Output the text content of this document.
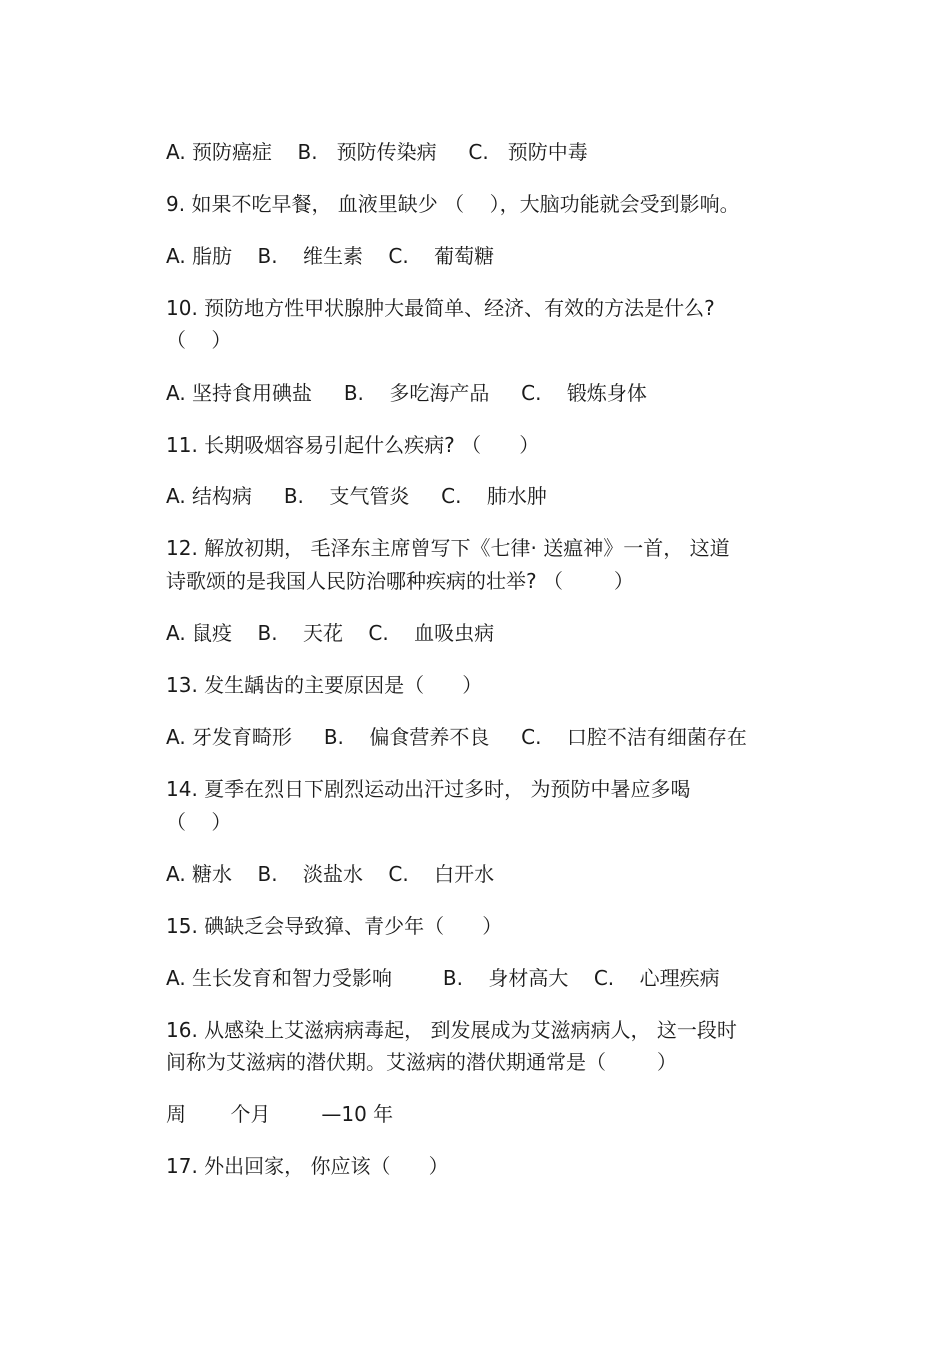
A. 预防癌症    B.   预防传染病     C.   预防中毒
9. 如果不吃早餐， 血液里缺少 （    ），大脑功能就会受到影响。
A. 脂肪    B.    维生素    C.    葡萄糖
10. 预防地方性甲状腺肿大最简单、经济、有效的方法是什么?
（    ）
A. 坚持食用碘盐     B.    多吃海产品     C.    锻炼身体
11. 长期吸烟容易引起什么疾病? （      ）
A. 结构病     B.    支气管炎     C.    肺水肿
12. 解放初期， 毛泽东主席曾写下《七律· 送瘟神》一首， 这道
诗歌颂的是我国人民防治哪种疾病的壮举? （        ）
A. 鼠疫    B.    天花    C.    血吸虫病
13. 发生龋齿的主要原因是（      ）
A. 牙发育畸形     B.    偏食营养不良     C.    口腔不洁有细菌存在
14. 夏季在烈日下剧烈运动出汗过多时， 为预防中暑应多喝
（    ）
A. 糖水    B.    淡盐水    C.    白开水
15. 碘缺乏会导致獐、青少年（      ）
A. 生长发育和智力受影响        B.    身材高大    C.    心理疾病
16. 从感染上艾滋病病毒起， 到发展成为艾滋病病人， 这一段时
间称为艾滋病的潜伏期。艾滋病的潜伏期通常是（        ）
周       个月        —10 年
17. 外出回家， 你应该（      ）
